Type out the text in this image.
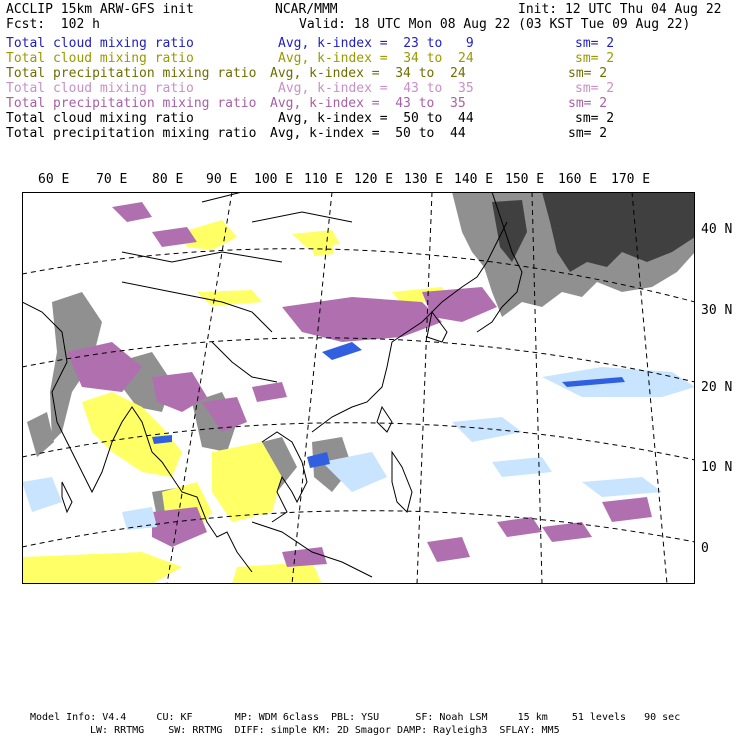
ACCLIP 15km ARW-GFS init	NCAR/MMM	Init: 12 UTC Thu 04 Aug 22
Fcst:  102 h	Valid: 18 UTC Mon 08 Aug 22 (03 KST Tue 09 Aug 22)
Total cloud mixing ratio	Avg, k-index =  23 to   9	sm= 2
Total cloud mixing ratio	Avg, k-index =  34 to  24	sm= 2
Total precipitation mixing ratio Avg, k-index =  34 to  24	sm= 2
Total cloud mixing ratio	Avg, k-index =  43 to  35	sm= 2
Total precipitation mixing ratio Avg, k-index =  43 to  35	sm= 2
Total cloud mixing ratio	Avg, k-index =  50 to  44	sm= 2
Total precipitation mixing ratio Avg, k-index =  50 to  44	sm= 2
60 E 70 E 80 E 90 E 100 E 110 E 120 E 130 E 140 E 150 E 160 E 170 E
40 N
30 N
20 N
10 N
0
Model Info: V4.4     CU: KF       MP: WDM 6class  PBL: YSU      SF: Noah LSM     15 km    51 levels   90 sec
LW: RRTMG    SW: RRTMG  DIFF: simple KM: 2D Smagor DAMP: Rayleigh3  SFLAY: MM5
